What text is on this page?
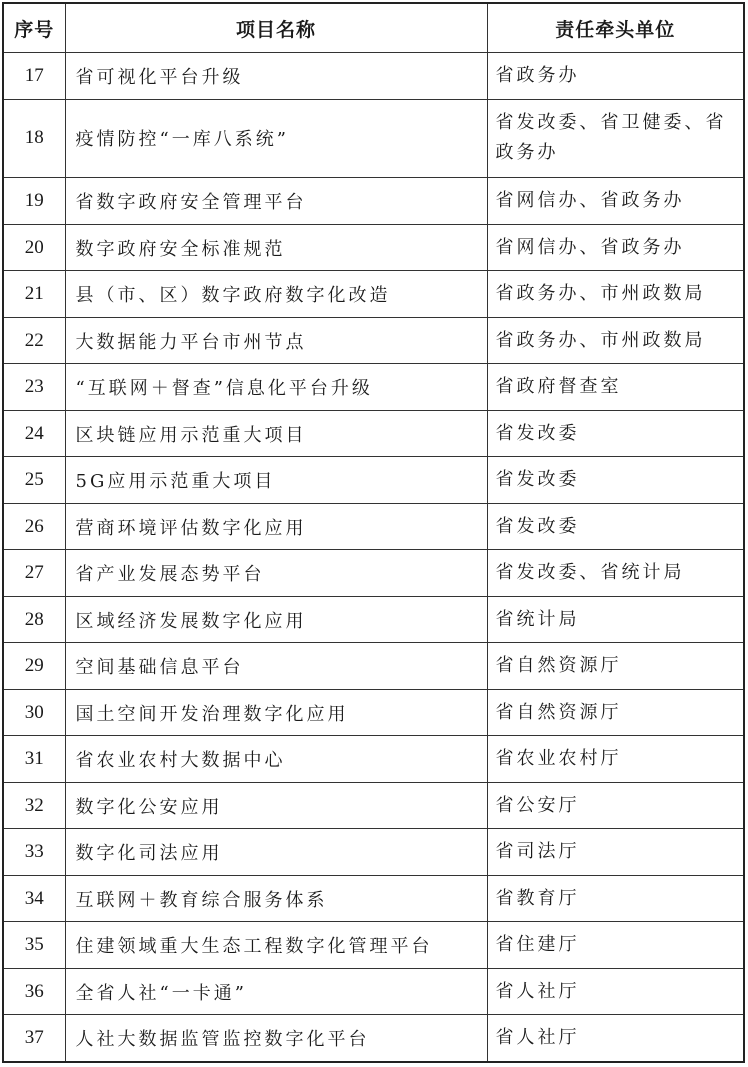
序号	项目名称	责任牵头单位
17	省可视化平台升级	省政务办
18	疫情防控“一库八系统”	省发改委、省卫健委、省政务办
19	省数字政府安全管理平台	省网信办、省政务办
20	数字政府安全标准规范	省网信办、省政务办
21	县（市、区）数字政府数字化改造	省政务办、市州政数局
22	大数据能力平台市州节点	省政务办、市州政数局
23	“互联网＋督查”信息化平台升级	省政府督查室
24	区块链应用示范重大项目	省发改委
25	5G应用示范重大项目	省发改委
26	营商环境评估数字化应用	省发改委
27	省产业发展态势平台	省发改委、省统计局
28	区域经济发展数字化应用	省统计局
29	空间基础信息平台	省自然资源厅
30	国土空间开发治理数字化应用	省自然资源厅
31	省农业农村大数据中心	省农业农村厅
32	数字化公安应用	省公安厅
33	数字化司法应用	省司法厅
34	互联网＋教育综合服务体系	省教育厅
35	住建领域重大生态工程数字化管理平台	省住建厅
36	全省人社“一卡通”	省人社厅
37	人社大数据监管监控数字化平台	省人社厅
